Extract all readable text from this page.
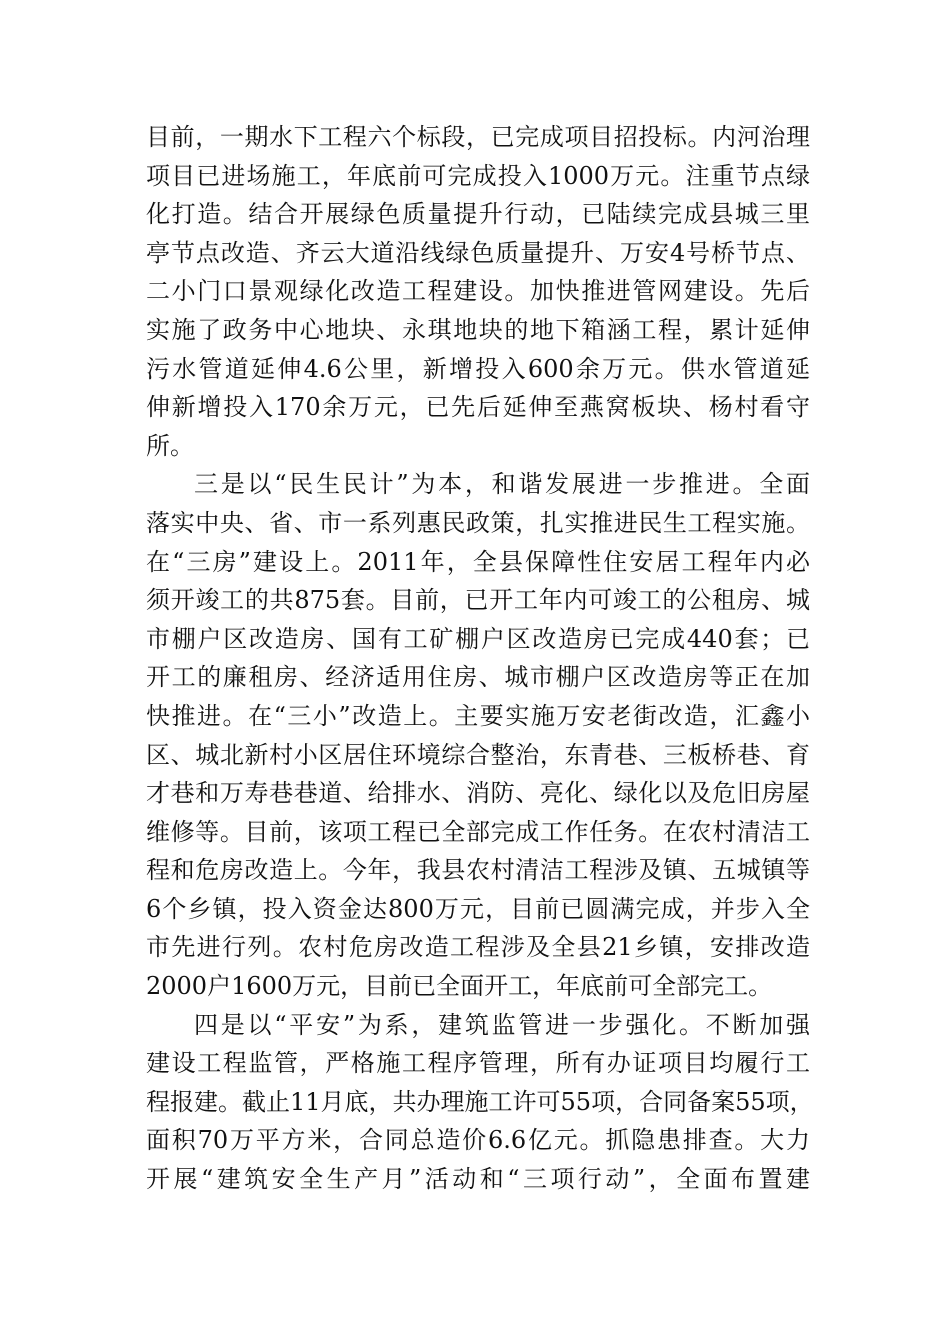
目前，一期水下工程六个标段，已完成项目招投标。内河治理
项目已进场施工，年底前可完成投入1000万元。注重节点绿
化打造。结合开展绿色质量提升行动，已陆续完成县城三里
亭节点改造、齐云大道沿线绿色质量提升、万安4号桥节点、
二小门口景观绿化改造工程建设。加快推进管网建设。先后
实施了政务中心地块、永琪地块的地下箱涵工程，累计延伸
污水管道延伸4.6公里，新增投入600余万元。供水管道延
伸新增投入170余万元，已先后延伸至燕窝板块、杨村看守
所。
三是以“民生民计”为本，和谐发展进一步推进。全面
落实中央、省、市一系列惠民政策，扎实推进民生工程实施。
在“三房”建设上。2011年，全县保障性住安居工程年内必
须开竣工的共875套。目前，已开工年内可竣工的公租房、城
市棚户区改造房、国有工矿棚户区改造房已完成440套；已
开工的廉租房、经济适用住房、城市棚户区改造房等正在加
快推进。在“三小”改造上。主要实施万安老街改造，汇鑫小
区、城北新村小区居住环境综合整治，东青巷、三板桥巷、育
才巷和万寿巷巷道、给排水、消防、亮化、绿化以及危旧房屋
维修等。目前，该项工程已全部完成工作任务。在农村清洁工
程和危房改造上。今年，我县农村清洁工程涉及镇、五城镇等
6个乡镇，投入资金达800万元，目前已圆满完成，并步入全
市先进行列。农村危房改造工程涉及全县21乡镇，安排改造
2000户1600万元，目前已全面开工，年底前可全部完工。
四是以“平安”为系，建筑监管进一步强化。不断加强
建设工程监管，严格施工程序管理，所有办证项目均履行工
程报建。截止11月底，共办理施工许可55项，合同备案55项，
面积70万平方米，合同总造价6.6亿元。抓隐患排查。大力
开展“建筑安全生产月”活动和“三项行动”，全面布置建
